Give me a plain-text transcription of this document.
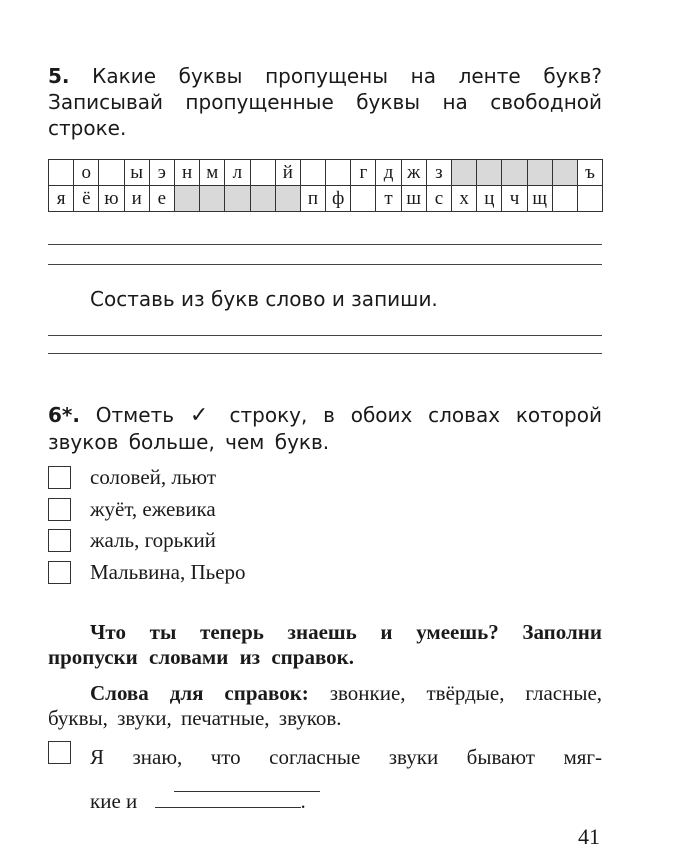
5. Какие буквы пропущены на ленте букв? Записывай пропущенные буквы на свободной строке.
	о		ы	э	н	м	л		й			г	д	ж	з						ъ
я	ё	ю	и	е						п	ф		т	ш	с	х	ц	ч	щ		
Составь из букв слово и запиши.
6*. Отметь ✓ строку, в обоих словах которой звуков больше, чем букв.
соловей, льют
жуёт, ежевика
жаль, горький
Мальвина, Пьеро
Что ты теперь знаешь и умеешь? Заполни пропуски словами из справок.
Слова для справок: звонкие, твёрдые, гласные, буквы, звуки, печатные, звуков.
Я знаю, что согласные звуки бывают мяг-
кие и	.
41
